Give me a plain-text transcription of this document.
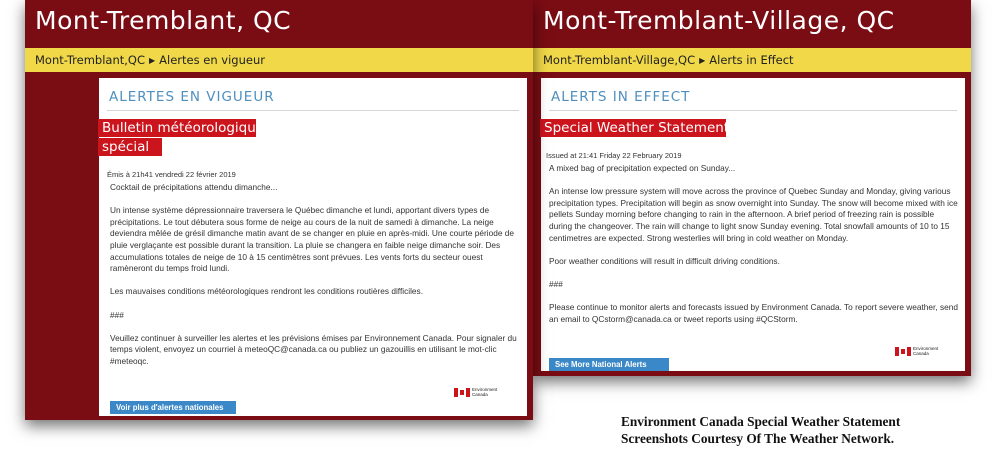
Mont-Tremblant-Village, QC
Mont-Tremblant-Village,QC ▶ Alerts in Effect
ALERTS IN EFFECT
Special Weather Statement
Issued at 21:41 Friday 22 February 2019

A mixed bag of precipitation expected on Sunday...

An intense low pressure system will move across the province of Quebec Sunday and Monday, giving various precipitation types. Precipitation will begin as snow overnight into Sunday. The snow will become mixed with ice pellets Sunday morning before changing to rain in the afternoon. A brief period of freezing rain is possible during the changeover. The rain will change to light snow Sunday evening. Total snowfall amounts of 10 to 15 centimetres are expected. Strong westerlies will bring in cold weather on Monday.

Poor weather conditions will result in difficult driving conditions.

###

Please continue to monitor alerts and forecasts issued by Environment Canada. To report severe weather, send an email to QCstorm@canada.ca or tweet reports using #QCStorm.

Environment
Canada
See More National Alerts
Mont-Tremblant, QC
Mont-Tremblant,QC ▶ Alertes en vigueur
ALERTES EN VIGUEUR
Bulletin météorologique
spécial
Émis à 21h41 vendredi 22 février 2019

Cocktail de précipitations attendu dimanche...

Un intense système dépressionnaire traversera le Québec dimanche et lundi, apportant divers types de précipitations. Le tout débutera sous forme de neige au cours de la nuit de samedi à dimanche. La neige deviendra mêlée de grésil dimanche matin avant de se changer en pluie en après-midi. Une courte période de pluie verglaçante est possible durant la transition. La pluie se changera en faible neige dimanche soir. Des accumulations totales de neige de 10 à 15 centimètres sont prévues. Les vents forts du secteur ouest ramèneront du temps froid lundi.

Les mauvaises conditions météorologiques rendront les conditions routières difficiles.

###

Veuillez continuer à surveiller les alertes et les prévisions émises par Environnement Canada. Pour signaler du temps violent, envoyez un courriel à meteoQC@canada.ca ou publiez un gazouillis en utilisant le mot-clic #meteoqc.

Environment
Canada
Voir plus d'alertes nationales
Environment Canada Special Weather Statement
Screenshots Courtesy Of The Weather Network.
